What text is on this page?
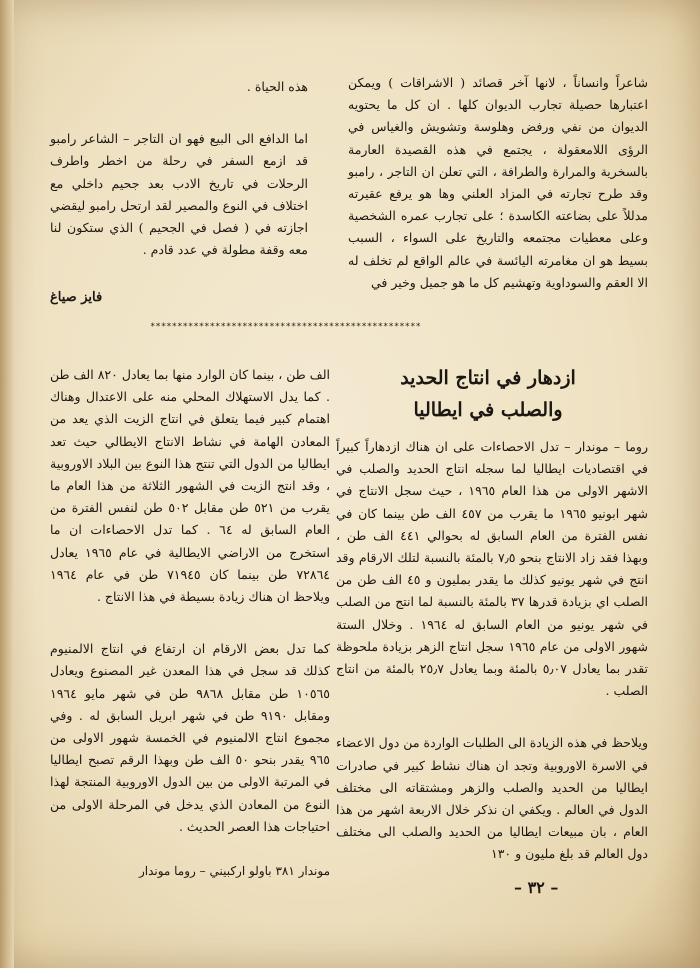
شاعراً وانساناً ، لانها آخر قصائد ( الاشراقات ) ويمكن اعتبارها حصيلة تجارب الديوان كلها . ان كل ما يحتويه الديوان من نفي ورفض وهلوسة وتشويش والغياس في الرؤى اللامعقولة ، يجتمع في هذه القصيدة العارمة بالسخرية والمرارة والطرافة ، التي تعلن ان التاجر ، رامبو وقد طرح تجارته في المزاد العلني وها هو يرفع عقيرته مدللاً على بضاعته الكاسدة ؛ على تجارب عمره الشخصية وعلى معطيات مجتمعه والتاريخ على السواء ، السبب بسيط هو ان مغامرته اليائسة في عالم الواقع لم تخلف له الا العقم والسوداوية وتهشيم كل ما هو جميل وخير في

هذه الحياة .

اما الدافع الى البيع فهو ان التاجر – الشاعر رامبو قد ازمع السفر في رحلة من اخطر واطرف الرحلات في تاريخ الادب بعد جحيم داخلي مع اختلاف في النوع والمصير لقد ارتحل رامبو ليقضي اجازته في ( فصل في الجحيم ) الذي ستكون لنا معه وقفة مطولة في عدد قادم .

فايز صياغ

**************************************************
ازدهار في انتاج الحديد
والصلب في ايطاليا

روما – موندار – تدل الاحصاءات على ان هناك ازدهاراً كبيراً في اقتصاديات ايطاليا لما سجله انتاج الحديد والصلب في الاشهر الاولى من هذا العام ١٩٦٥ ، حيث سجل الانتاج في شهر ابونيو ١٩٦٥ ما يقرب من ٤٥٧ الف طن بينما كان في نفس الفترة من العام السابق له بحوالي ٤٤١ الف طن ، وبهذا فقد زاد الانتاج بنحو ٧٫٥ بالمئة بالنسبة لتلك الارقام وقد انتج في شهر يونيو كذلك ما يقدر بمليون و ٤٥ الف طن من الصلب اي بزيادة قدرها ٣٧ بالمئة بالنسبة لما انتج من الصلب في شهر يونيو من العام السابق له ١٩٦٤ . وخلال الستة شهور الاولى من عام ١٩٦٥ سجل انتاج الزهر بزيادة ملحوظة تقدر بما يعادل ٥٫٠٧ بالمئة وبما يعادل ٢٥٫٧ بالمئة من انتاج الصلب .

ويلاحظ في هذه الزيادة الى الطلبات الواردة من دول الاعضاء في الاسرة الاوروبية وتجد ان هناك نشاط كبير في صادرات ايطاليا من الحديد والصلب والزهر ومشتقاته الى مختلف الدول في العالم . ويكفي ان نذكر خلال الاربعة اشهر من هذا العام ، بان مبيعات ايطاليا من الحديد والصلب الى مختلف دول العالم قد بلغ مليون و ١٣٠

الف طن ، بينما كان الوارد منها بما يعادل ٨٢٠ الف طن . كما يدل الاستهلاك المحلي منه على الاعتدال وهناك اهتمام كبير فيما يتعلق في انتاج الزيت الذي يعد من المعادن الهامة في نشاط الانتاج الايطالي حيث تعد ايطاليا من الدول التي تنتج هذا النوع بين البلاد الاوروبية ، وقد انتج الزيت في الشهور الثلاثة من هذا العام ما يقرب من ٥٢١ طن مقابل ٥٠٢ طن لنفس الفترة من العام السابق له ٦٤ . كما تدل الاحصاءات ان ما استخرج من الاراضي الايطالية في عام ١٩٦٥ يعادل ٧٢٨٦٤ طن بينما كان ٧١٩٤٥ طن في عام ١٩٦٤ ويلاحظ ان هناك زيادة بسيطة في هذا الانتاج .

كما تدل بعض الارقام ان ارتفاع في انتاج الالمنيوم كذلك قد سجل في هذا المعدن غير المصنوع ويعادل ١٠٥٦٥ طن مقابل ٩٨٦٨ طن في شهر مايو ١٩٦٤ ومقابل ٩١٩٠ طن في شهر ابريل السابق له . وفي مجموع انتاج الالمنيوم في الخمسة شهور الاولى من ٩٦٥ يقدر بنحو ٥٠ الف طن وبهذا الرقم تصبح ايطاليا في المرتبة الاولى من بين الدول الاوروبية المنتجة لهذا النوع من المعادن الذي يدخل في المرحلة الاولى من احتياجات هذا العصر الحديث .

موندار ٣٨١ باولو اركبيني – روما موندار

– ٣٢ –
